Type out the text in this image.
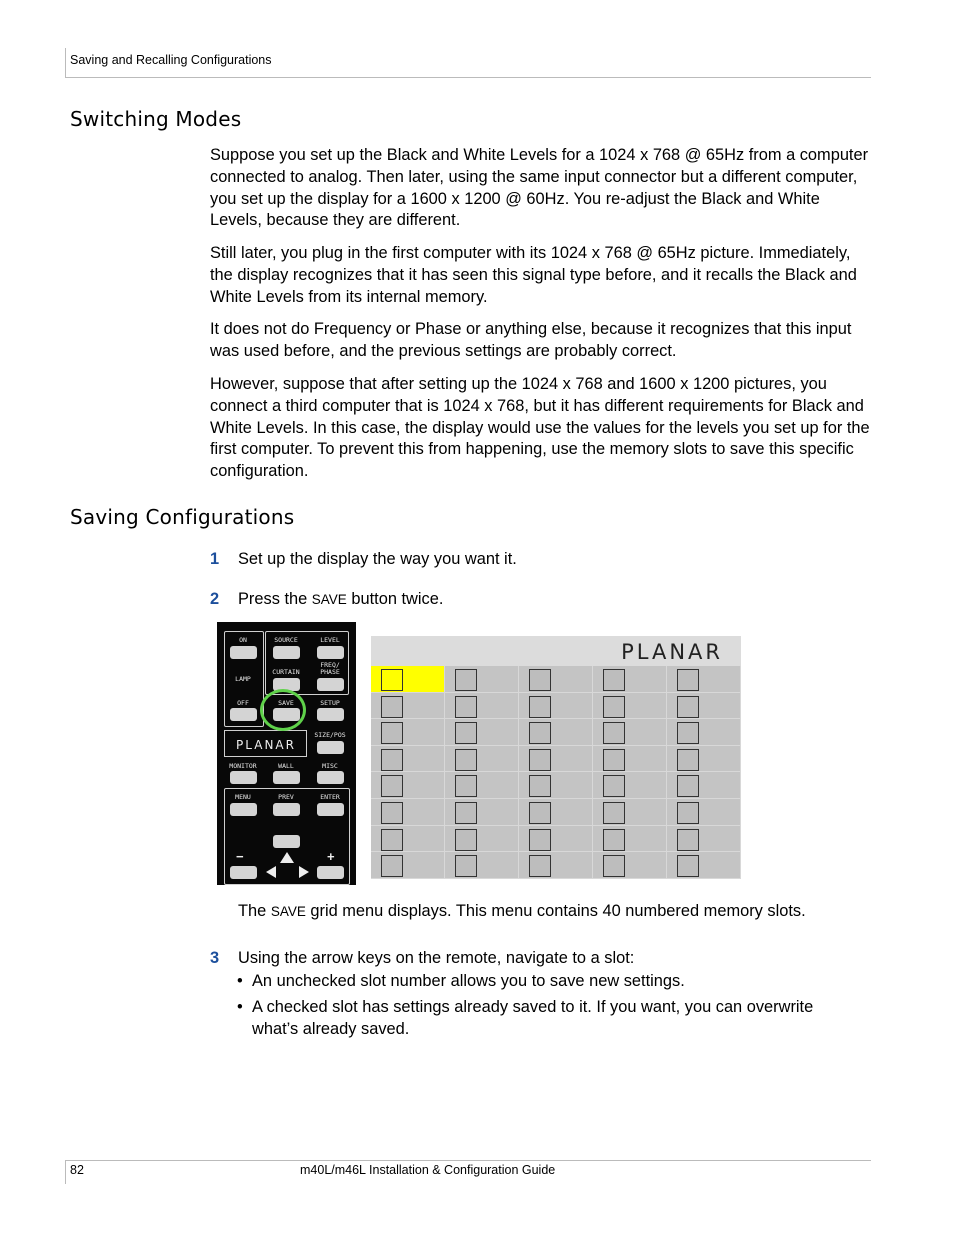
Saving and Recalling Configurations
Switching Modes

Suppose you set up the Black and White Levels for a 1024 x 768 @ 65Hz from a computer connected to analog. Then later, using the same input connector but a different computer, you set up the display for a 1600 x 1200 @ 60Hz. You re-adjust the Black and White Levels, because they are different.

Still later, you plug in the first computer with its 1024 x 768 @ 65Hz picture. Immediately, the display recognizes that it has seen this signal type before, and it recalls the Black and White Levels from its internal memory.

It does not do Frequency or Phase or anything else, because it recognizes that this input was used before, and the previous settings are probably correct.

However, suppose that after setting up the 1024 x 768 and 1600 x 1200 pictures, you connect a third computer that is 1024 x 768, but it has different requirements for Black and White Levels. In this case, the display would use the values for the levels you set up for the first computer. To prevent this from happening, use the memory slots to save this specific configuration.

Saving Configurations
1 Set up the display the way you want it.
2 Press the SAVE button twice.
ON	SOURCE	LEVEL
LAMP
CURTAIN
FREQ/
PHASE
OFF	SAVE	SETUP
SIZE/POS
PLANAR
MONITOR	WALL	MISC
MENU	PREV	ENTER
−	+
PLANAR
The SAVE grid menu displays. This menu contains 40 numbered memory slots.
3 Using the arrow keys on the remote, navigate to a slot:
• An unchecked slot number allows you to save new settings.
• A checked slot has settings already saved to it. If you want, you can overwrite what’s already saved.
82	m40L/m46L Installation & Configuration Guide
